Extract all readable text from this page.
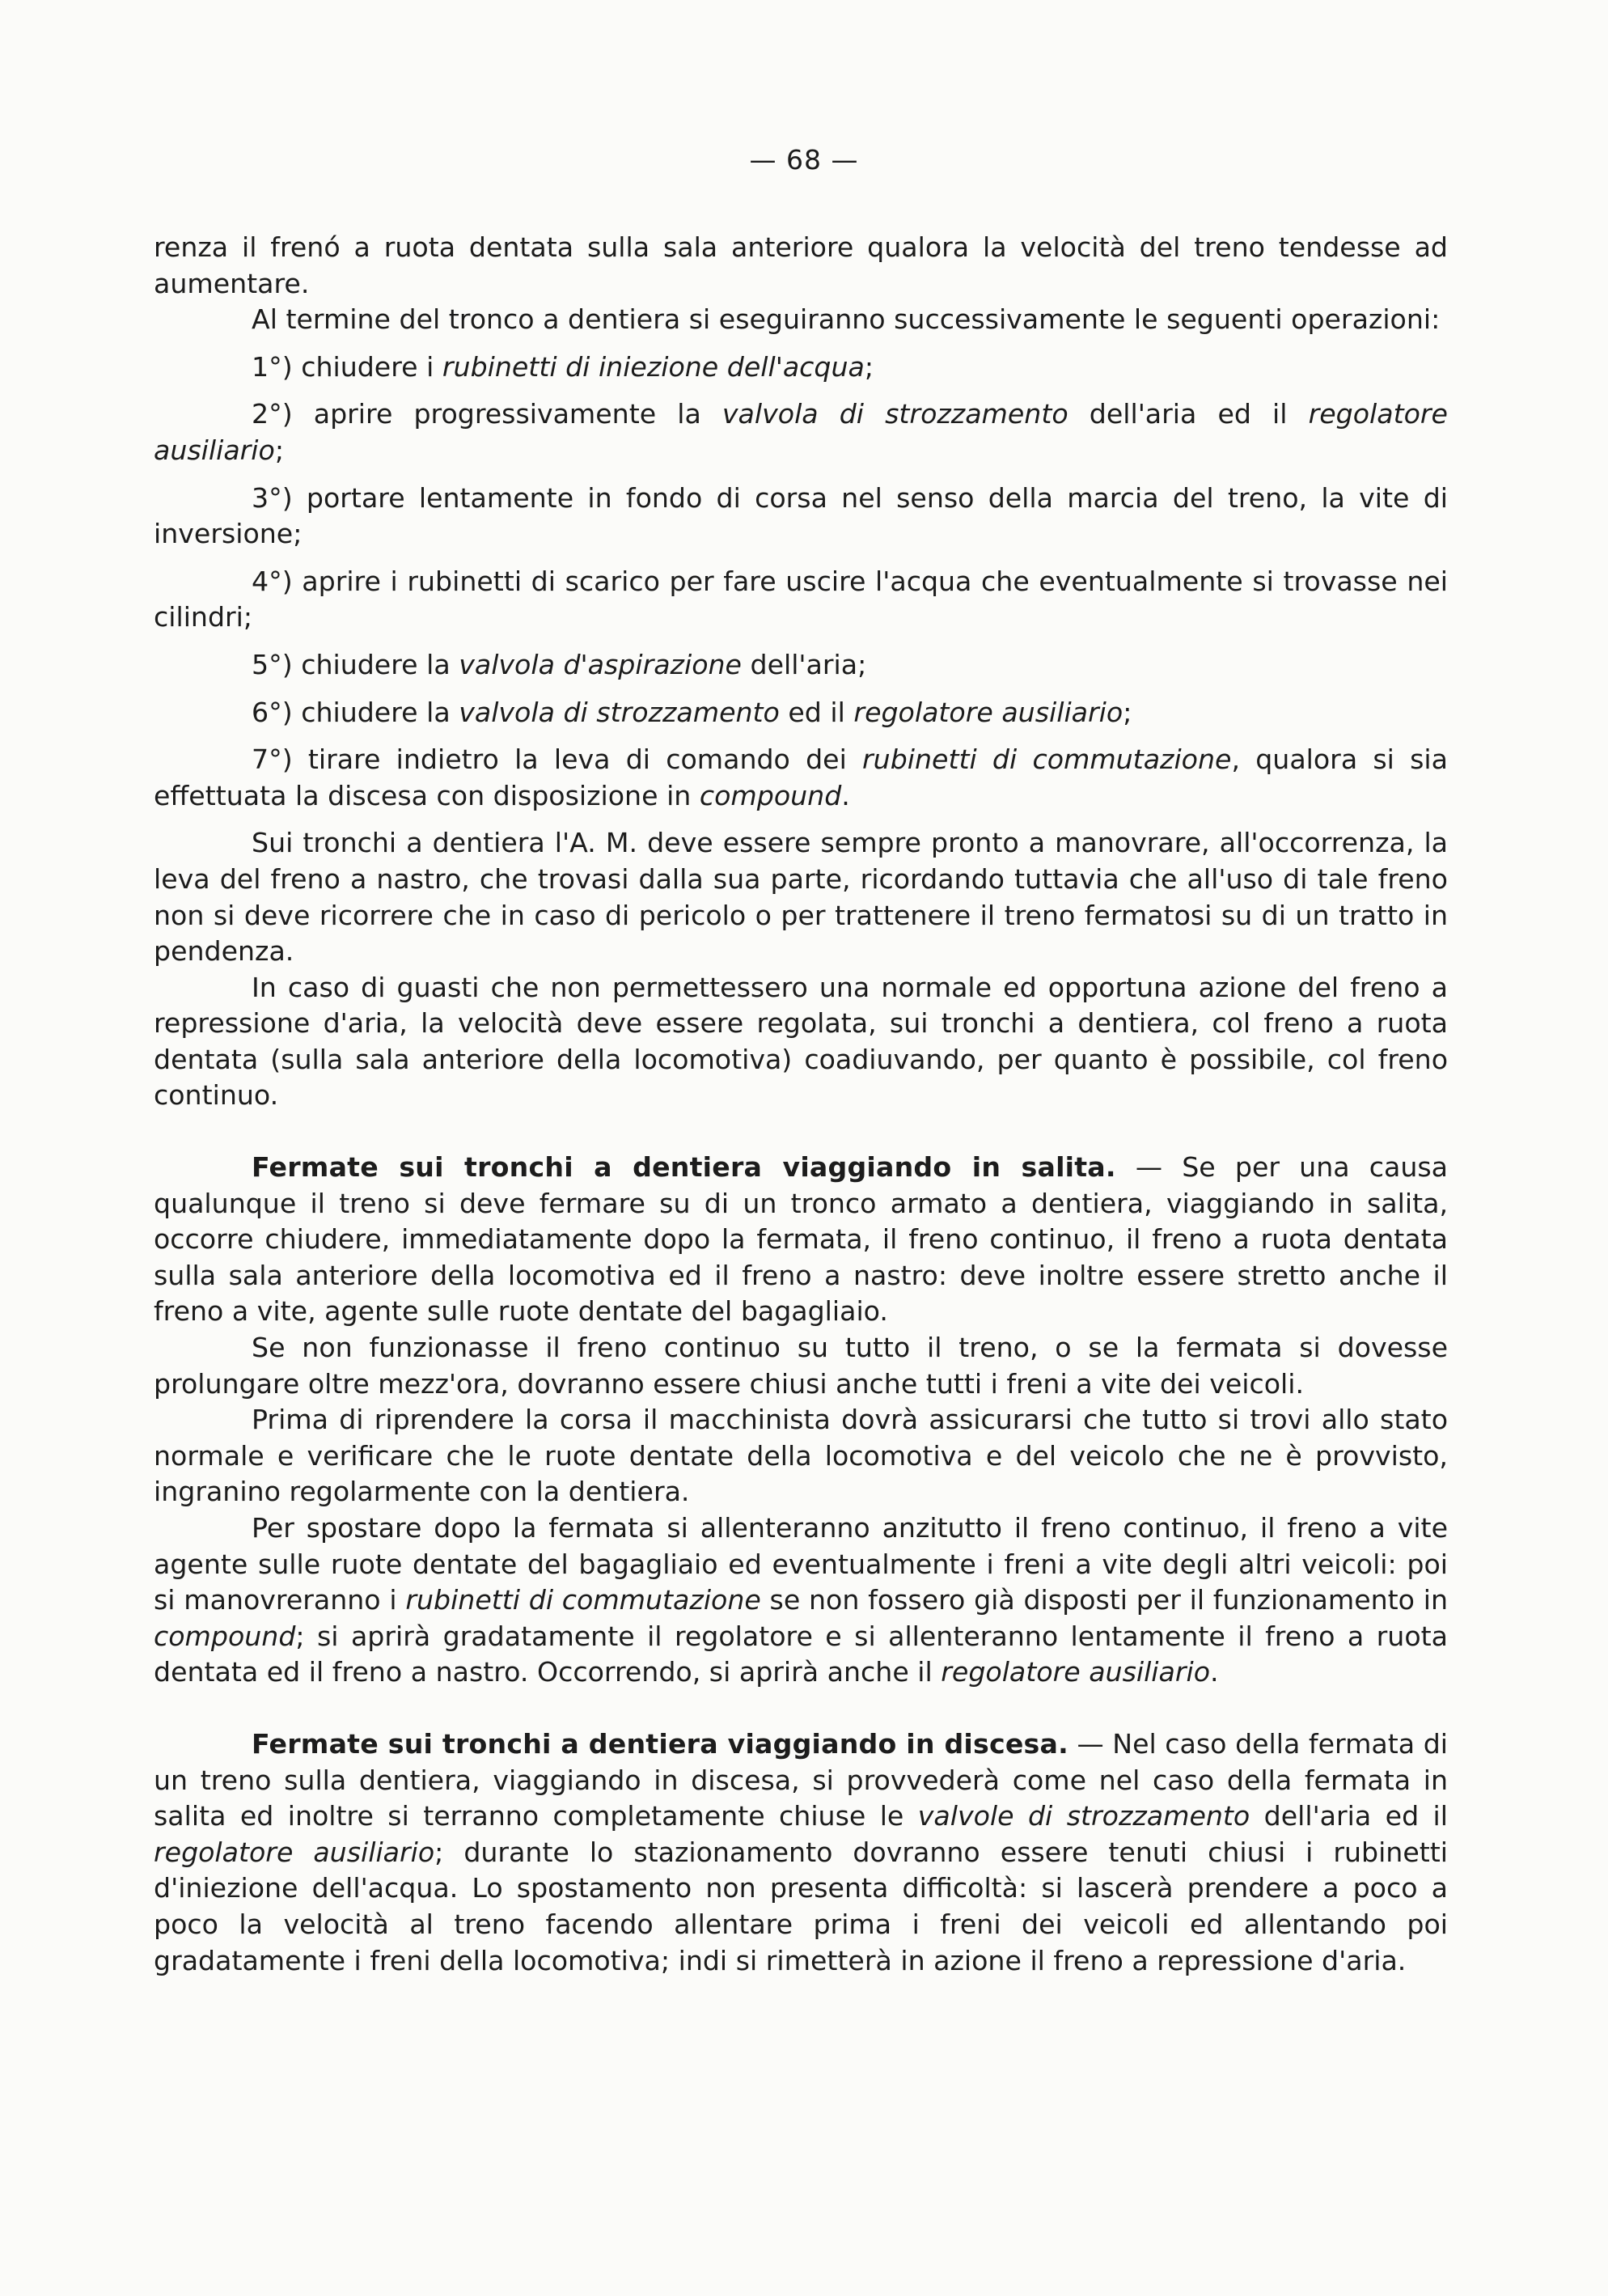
— 68 —

renza il frenó a ruota dentata sulla sala anteriore qualora la velocità del treno tendesse ad aumentare.

Al termine del tronco a dentiera si eseguiranno successivamente le seguenti operazioni:

1°) chiudere i rubinetti di iniezione dell'acqua;

2°) aprire progressivamente la valvola di strozzamento dell'aria ed il regolatore ausiliario;

3°) portare lentamente in fondo di corsa nel senso della marcia del treno, la vite di inversione;

4°) aprire i rubinetti di scarico per fare uscire l'acqua che eventualmente si trovasse nei cilindri;

5°) chiudere la valvola d'aspirazione dell'aria;

6°) chiudere la valvola di strozzamento ed il regolatore ausiliario;

7°) tirare indietro la leva di comando dei rubinetti di commutazione, qualora si sia effettuata la discesa con disposizione in compound.

Sui tronchi a dentiera l'A. M. deve essere sempre pronto a manovrare, all'occorrenza, la leva del freno a nastro, che trovasi dalla sua parte, ricordando tuttavia che all'uso di tale freno non si deve ricorrere che in caso di pericolo o per trattenere il treno fermatosi su di un tratto in pendenza.

In caso di guasti che non permettessero una normale ed opportuna azione del freno a repressione d'aria, la velocità deve essere regolata, sui tronchi a dentiera, col freno a ruota dentata (sulla sala anteriore della locomotiva) coadiuvando, per quanto è possibile, col freno continuo.

Fermate sui tronchi a dentiera viaggiando in salita. — Se per una causa qualunque il treno si deve fermare su di un tronco armato a dentiera, viaggiando in salita, occorre chiudere, immediatamente dopo la fermata, il freno continuo, il freno a ruota dentata sulla sala anteriore della locomotiva ed il freno a nastro: deve inoltre essere stretto anche il freno a vite, agente sulle ruote dentate del bagagliaio.

Se non funzionasse il freno continuo su tutto il treno, o se la fermata si dovesse prolungare oltre mezz'ora, dovranno essere chiusi anche tutti i freni a vite dei veicoli.

Prima di riprendere la corsa il macchinista dovrà assicurarsi che tutto si trovi allo stato normale e verificare che le ruote dentate della locomotiva e del veicolo che ne è provvisto, ingranino regolarmente con la dentiera.

Per spostare dopo la fermata si allenteranno anzitutto il freno continuo, il freno a vite agente sulle ruote dentate del bagagliaio ed eventualmente i freni a vite degli altri veicoli: poi si manovreranno i rubinetti di commutazione se non fossero già disposti per il funzionamento in compound; si aprirà gradatamente il regolatore e si allenteranno lentamente il freno a ruota dentata ed il freno a nastro. Occorrendo, si aprirà anche il regolatore ausiliario.

Fermate sui tronchi a dentiera viaggiando in discesa. — Nel caso della fermata di un treno sulla dentiera, viaggiando in discesa, si provvederà come nel caso della fermata in salita ed inoltre si terranno completamente chiuse le valvole di strozzamento dell'aria ed il regolatore ausiliario; durante lo stazionamento dovranno essere tenuti chiusi i rubinetti d'iniezione dell'acqua. Lo spostamento non presenta difficoltà: si lascerà prendere a poco a poco la velocità al treno facendo allentare prima i freni dei veicoli ed allentando poi gradatamente i freni della locomotiva; indi si rimetterà in azione il freno a repressione d'aria.
